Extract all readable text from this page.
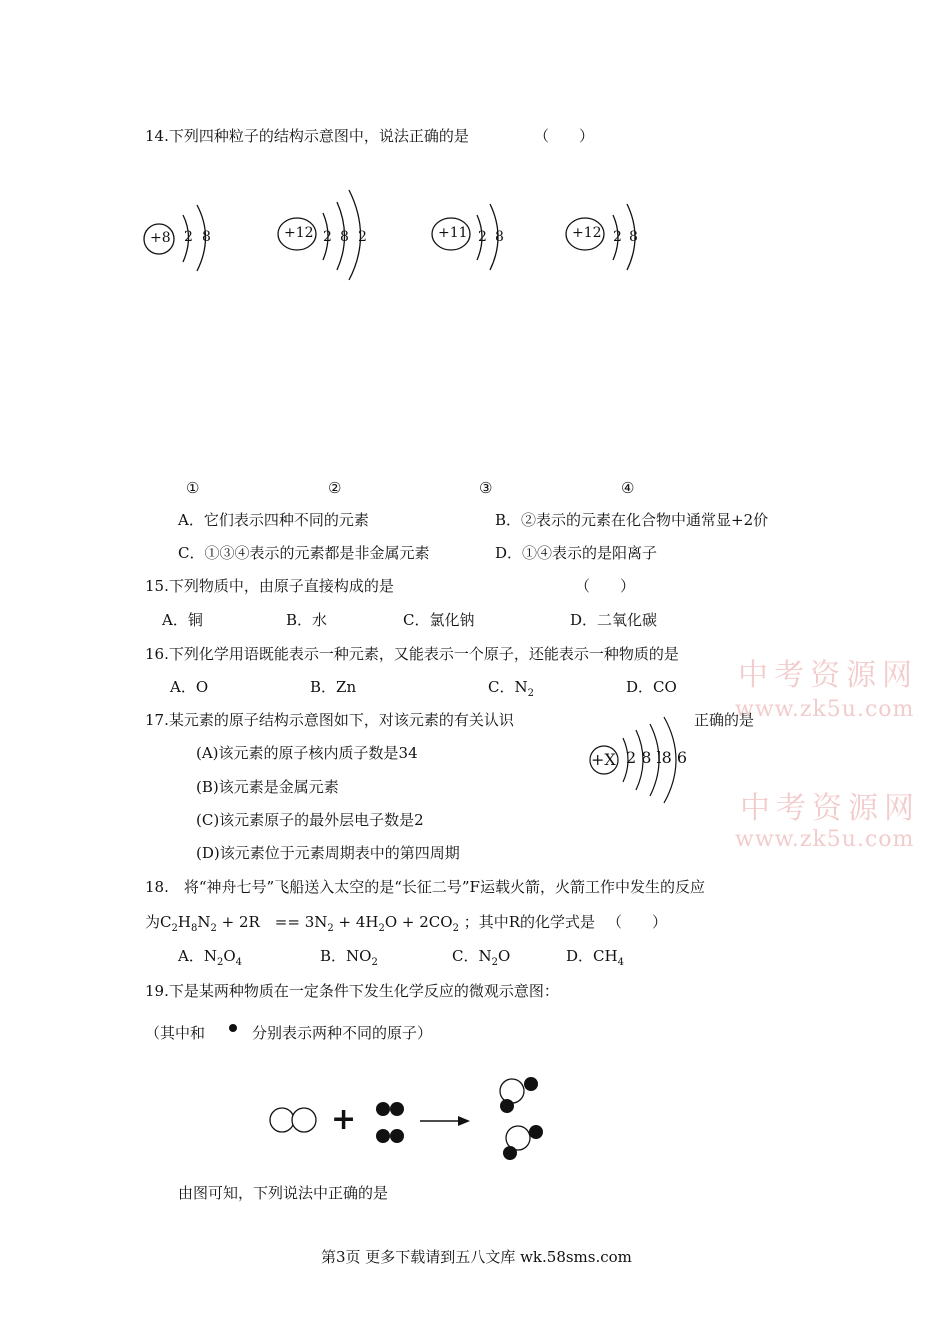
14.下列四种粒子的结构示意图中，说法正确的是	（　　）
+8 2 8	+12 2 8 2	+11 2 8	+12 2 8
①	②	③	④
A．它们表示四种不同的元素	B．②表示的元素在化合物中通常显+2价
C．①③④表示的元素都是非金属元素	D．①④表示的是阳离子
15.下列物质中，由原子直接构成的是	（　　）
A．铜	B．水	C．氯化钠	D．二氧化碳
16.下列化学用语既能表示一种元素，又能表示一个原子，还能表示一种物质的是
A．O	B．Zn	C．$N_2$	D．CO
17.某元素的原子结构示意图如下，对该元素的有关认识	正确的是
+X 2 8 l8 6
(A)该元素的原子核内质子数是34
(B)该元素是金属元素
(C)该元素原子的最外层电子数是2
(D)该元素位于元素周期表中的第四周期
18.　将“神舟七号”飞船送入太空的是“长征二号”F运载火箭，火箭工作中发生的反应
为$C_2H_8N_2 + 2R$　== $3N_2 + 4H_2O + 2CO_2$ ；其中R的化学式是 （　　）
A．$N_2O_4$	B．$NO_2$	C．$N_2O$	D．$CH_4$
19.下是某两种物质在一定条件下发生化学反应的微观示意图：
（其中和	分别表示两种不同的原子）
+
由图可知，下列说法中正确的是
中考资源网
www.zk5u.com
中考资源网
www.zk5u.com
第3页 更多下载请到五八文库 wk.58sms.com
